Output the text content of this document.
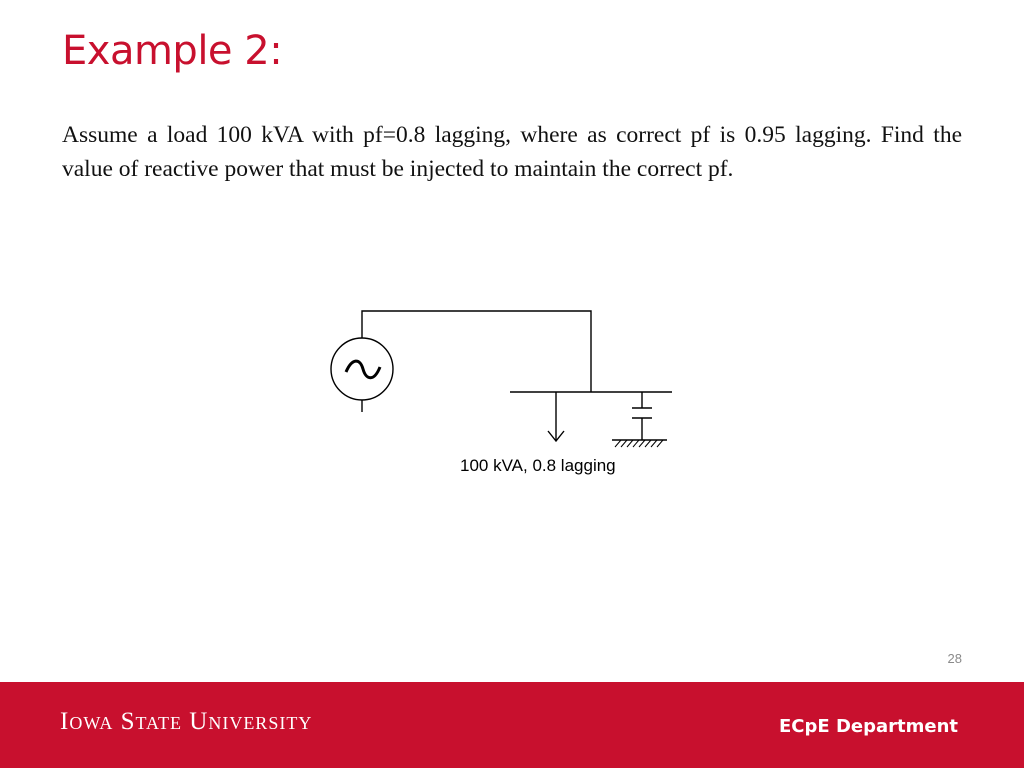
Example 2:

Assume a load 100 kVA with pf=0.8 lagging, where as correct pf is 0.95 lagging. Find the value of reactive power that must be injected to maintain the correct pf.

100 kVA, 0.8 lagging
28
Iowa State University	ECpE Department
